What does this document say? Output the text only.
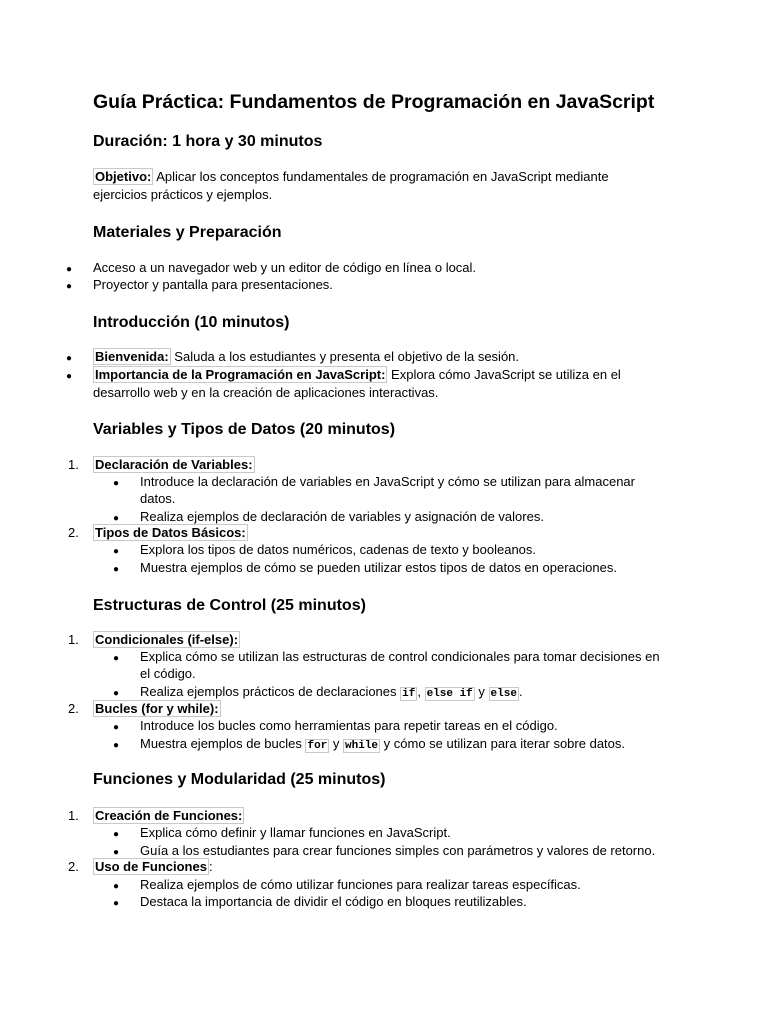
Guía Práctica: Fundamentos de Programación en JavaScript
Duración: 1 hora y 30 minutos
Objetivo: Aplicar los conceptos fundamentales de programación en JavaScript mediante
ejercicios prácticos y ejemplos.
Materiales y Preparación
● Acceso a un navegador web y un editor de código en línea o local.
● Proyector y pantalla para presentaciones.
Introducción (10 minutos)
● Bienvenida: Saluda a los estudiantes y presenta el objetivo de la sesión.
● Importancia de la Programación en JavaScript: Explora cómo JavaScript se utiliza en el
desarrollo web y en la creación de aplicaciones interactivas.
Variables y Tipos de Datos (20 minutos)
1. Declaración de Variables:
● Introduce la declaración de variables en JavaScript y cómo se utilizan para almacenar
datos.
● Realiza ejemplos de declaración de variables y asignación de valores.
2. Tipos de Datos Básicos:
● Explora los tipos de datos numéricos, cadenas de texto y booleanos.
● Muestra ejemplos de cómo se pueden utilizar estos tipos de datos en operaciones.
Estructuras de Control (25 minutos)
1. Condicionales (if-else):
● Explica cómo se utilizan las estructuras de control condicionales para tomar decisiones en
el código.
● Realiza ejemplos prácticos de declaraciones if , else if y else .
2. Bucles (for y while):
● Introduce los bucles como herramientas para repetir tareas en el código.
● Muestra ejemplos de bucles for y while y cómo se utilizan para iterar sobre datos.
Funciones y Modularidad (25 minutos)
1. Creación de Funciones:
● Explica cómo definir y llamar funciones en JavaScript.
● Guía a los estudiantes para crear funciones simples con parámetros y valores de retorno.
2. Uso de Funciones :
● Realiza ejemplos de cómo utilizar funciones para realizar tareas específicas.
● Destaca la importancia de dividir el código en bloques reutilizables.
